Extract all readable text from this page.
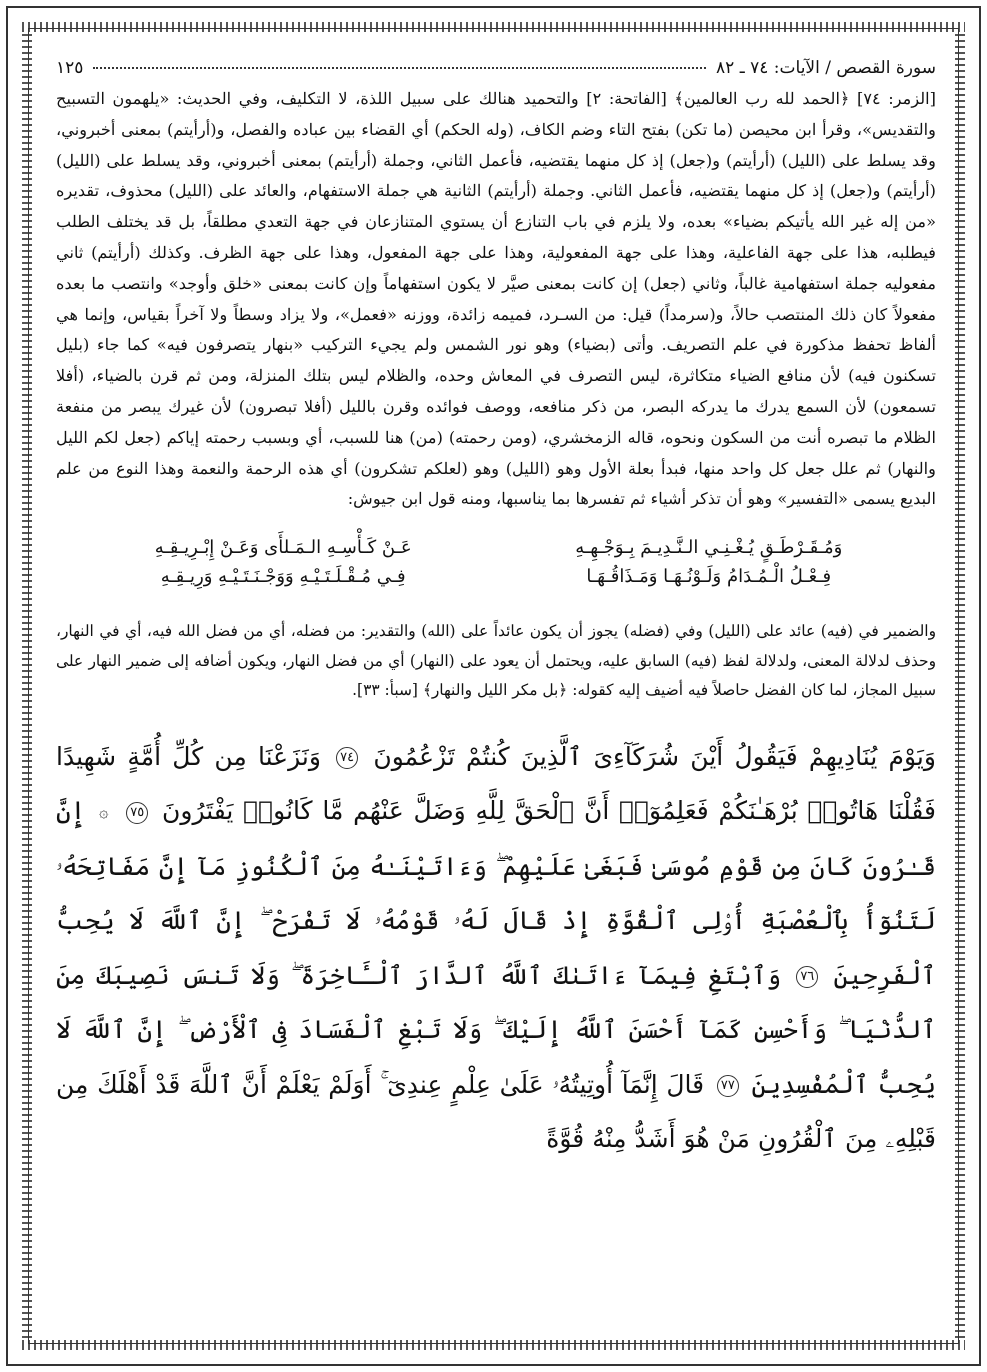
سورة القصص / الآيات: ٧٤ ـ ٨٢
١٢٥

[الزمر: ٧٤] ﴿الحمد لله رب العالمين﴾ [الفاتحة: ٢] والتحميد هنالك على سبيل اللذة، لا التكليف، وفي الحديث: «يلهمون التسبيح والتقديس»، وقرأ ابن محيصن (ما تكن) بفتح التاء وضم الكاف، (وله الحكم) أي القضاء بين عباده والفصل، و(أرأيتم) بمعنى أخبروني، وقد يسلط على (الليل) (أرأيتم) و(جعل) إذ كل منهما يقتضيه، فأعمل الثاني، وجملة (أرأيتم) بمعنى أخبروني، وقد يسلط على (الليل) (أرأيتم) و(جعل) إذ كل منهما يقتضيه، فأعمل الثاني. وجملة (أرأيتم) الثانية هي جملة الاستفهام، والعائد على (الليل) محذوف، تقديره «من إله غير الله يأتيكم بضياء» بعده، ولا يلزم في باب التنازع أن يستوي المتنازعان في جهة التعدي مطلقاً، بل قد يختلف الطلب فيطلبه، هذا على جهة الفاعلية، وهذا على جهة المفعولية، وهذا على جهة المفعول، وهذا على جهة الظرف. وكذلك (أرأيتم) ثاني مفعوليه جملة استفهامية غالباً، وثاني (جعل) إن كانت بمعنى صيَّر لا يكون استفهاماً وإن كانت بمعنى «خلق وأوجد» وانتصب ما بعده مفعولاً كان ذلك المنتصب حالاً، و(سرمداً) قيل: من السـرد، فميمه زائدة، ووزنه «فعمل»، ولا يزاد وسطاً ولا آخراً بقياس، وإنما هي ألفاظ تحفظ مذكورة في علم التصريف. وأتى (بضياء) وهو نور الشمس ولم يجيء التركيب «بنهار يتصرفون فيه» كما جاء (بليل تسكنون فيه) لأن منافع الضياء متكاثرة، ليس التصرف في المعاش وحده، والظلام ليس بتلك المنزلة، ومن ثم قرن بالضياء، (أفلا تسمعون) لأن السمع يدرك ما يدركه البصر، من ذكر منافعه، ووصف فوائده وقرن بالليل (أفلا تبصرون) لأن غيرك يبصر من منفعة الظلام ما تبصره أنت من السكون ونحوه، قاله الزمخشري، (ومن رحمته) (من) هنا للسبب، أي وبسبب رحمته إياكم (جعل لكم الليل والنهار) ثم علل جعل كل واحد منها، فبدأ بعلة الأول وهو (الليل) وهو (لعلكم تشكرون) أي هذه الرحمة والنعمة وهذا النوع من علم البديع يسمى «التفسير» وهو أن تذكر أشياء ثم تفسرها بما يناسبها، ومنه قول ابن جيوش:

وَمُـقَـرْطَـقٍ يُـغْـنِـي الـنَّـدِيـمَ بِـوَجْـهِـهِ
عَـنْ كَـأْسِـهِ الـمَـلأَى وَعَـنْ إِبْـرِيـقِـهِ
فِـعْـلُ الْـمُـدَامُ وَلَـوْنُـهَـا وَمَـذَاقُـهَـا
فِـي مُـقْـلَـتَـيْـهِ وَوَجْـنَـتَـيْـهِ وَرِيـقِـهِ

والضمير في (فيه) عائد على (الليل) وفي (فضله) يجوز أن يكون عائداً على (الله) والتقدير: من فضله، أي من فضل الله فيه، أي في النهار، وحذف لدلالة المعنى، ولدلالة لفظ (فيه) السابق عليه، ويحتمل أن يعود على (النهار) أي من فضل النهار، ويكون أضافه إلى ضمير النهار على سبيل المجاز، لما كان الفضل حاصلاً فيه أضيف إليه كقوله: ﴿بل مكر الليل والنهار﴾ [سبأ: ٣٣].

وَيَوْمَ يُنَادِيهِمْ فَيَقُولُ أَيْنَ شُرَكَآءِىَ ٱلَّذِينَ كُنتُمْ تَزْعُمُونَ ٧٤ وَنَزَعْنَا مِن كُلِّ أُمَّةٍ شَهِيدًا فَقُلْنَا هَاتُوا۟ بُرْهَـٰنَكُمْ فَعَلِمُوٓا۟ أَنَّ ٱلْحَقَّ لِلَّهِ وَضَلَّ عَنْهُم مَّا كَانُوا۟ يَفْتَرُونَ ٧٥ ۞ إِنَّ قَـٰرُونَ كَانَ مِن قَوْمِ مُوسَىٰ فَبَغَىٰ عَلَيْهِمْ ۖ وَءَاتَيْنَـٰهُ مِنَ ٱلْكُنُوزِ مَآ إِنَّ مَفَاتِحَهُۥ لَتَنُوٓأُ بِٱلْعُصْبَةِ أُو۟لِى ٱلْقُوَّةِ إِذْ قَالَ لَهُۥ قَوْمُهُۥ لَا تَفْرَحْ ۖ إِنَّ ٱللَّهَ لَا يُحِبُّ ٱلْفَرِحِينَ ٧٦ وَٱبْتَغِ فِيمَآ ءَاتَىٰكَ ٱللَّهُ ٱلدَّارَ ٱلْـَٔاخِرَةَ ۖ وَلَا تَنسَ نَصِيبَكَ مِنَ ٱلدُّنْيَا ۖ وَأَحْسِن كَمَآ أَحْسَنَ ٱللَّهُ إِلَيْكَ ۖ وَلَا تَبْغِ ٱلْفَسَادَ فِى ٱلْأَرْضِ ۖ إِنَّ ٱللَّهَ لَا يُحِبُّ ٱلْمُفْسِدِينَ ٧٧ قَالَ إِنَّمَآ أُوتِيتُهُۥ عَلَىٰ عِلْمٍ عِندِىٓ ۚ أَوَلَمْ يَعْلَمْ أَنَّ ٱللَّهَ قَدْ أَهْلَكَ مِن قَبْلِهِۦ مِنَ ٱلْقُرُونِ مَنْ هُوَ أَشَدُّ مِنْهُ قُوَّةً
